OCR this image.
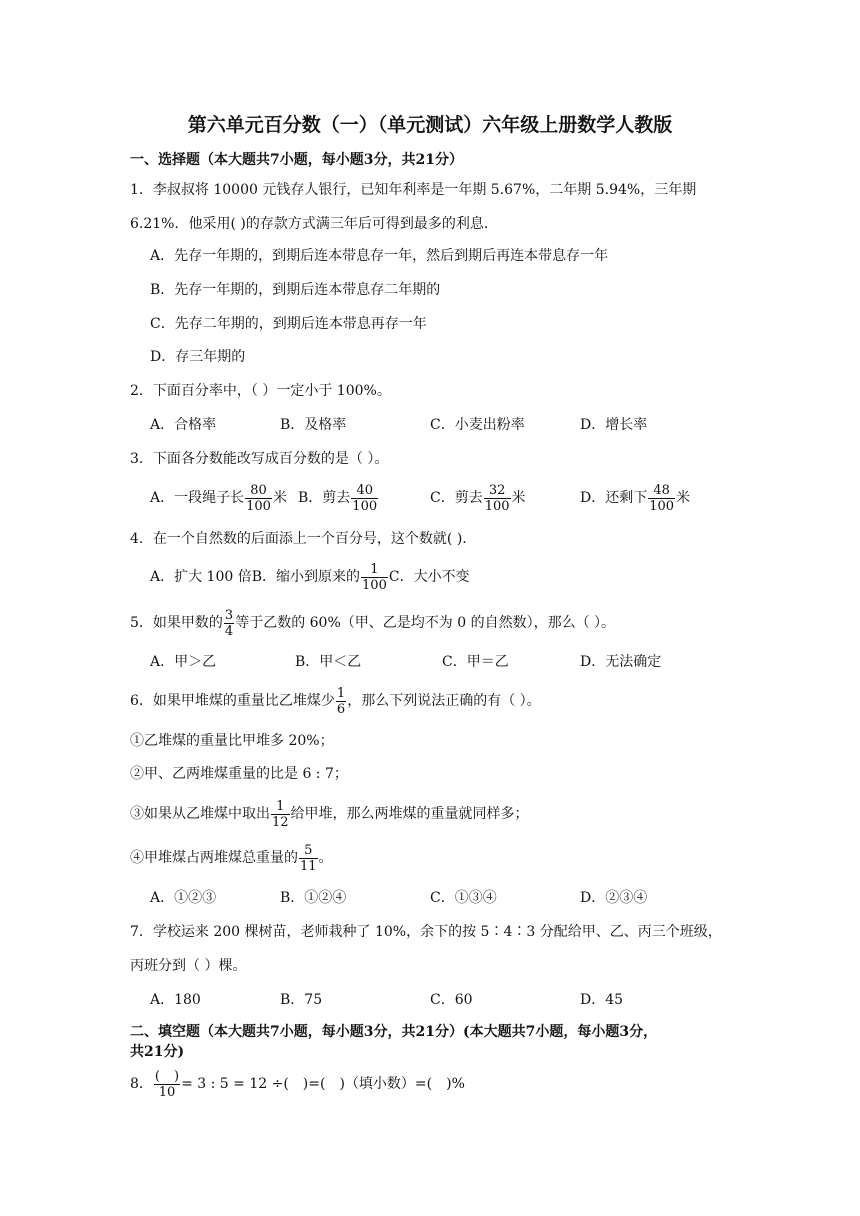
第六单元百分数（一）（单元测试）六年级上册数学人教版
一、选择题（本大题共7小题，每小题3分，共21分）
1．李叔叔将 10000 元钱存人银行，已知年利率是一年期 5.67%，二年期 5.94%，三年期
6.21%．他采用( )的存款方式满三年后可得到最多的利息．
A．先存一年期的，到期后连本带息存一年，然后到期后再连本带息存一年
B．先存一年期的，到期后连本带息存二年期的
C．先存二年期的，到期后连本带息再存一年
D．存三年期的
2．下面百分率中，（ ）一定小于 100%。
A．合格率	B．及格率	C．小麦出粉率	D．增长率
3．下面各分数能改写成百分数的是（ ）。
A．一段绳子长 $\frac{80}{100}$ 米 B．剪去 $\frac{40}{100}$	C．剪去 $\frac{32}{100}$ 米	D．还剩下 $\frac{48}{100}$ 米
4．在一个自然数的后面添上一个百分号，这个数就( ).
A．扩大 100 倍B．缩小到原来的 $\frac{1}{100}$ C．大小不变
5．如果甲数的 $\frac{3}{4}$ 等于乙数的 60%（甲、乙是均不为 0 的自然数），那么（ ）。
A．甲＞乙	B．甲＜乙	C．甲＝乙	D．无法确定
6．如果甲堆煤的重量比乙堆煤少 $\frac{1}{6}$ ，那么下列说法正确的有（ ）。
①乙堆煤的重量比甲堆多 20%；
②甲、乙两堆煤重量的比是 6 : 7；
③如果从乙堆煤中取出 $\frac{1}{12}$ 给甲堆，那么两堆煤的重量就同样多；
④甲堆煤占两堆煤总重量的 $\frac{5}{11}$ 。
A．①②③	B．①②④	C．①③④	D．②③④
7．学校运来 200 棵树苗，老师栽种了 10%，余下的按 5∶4∶3 分配给甲、乙、丙三个班级，
丙班分到（ ）棵。
A．180	B．75	C．60	D．45
二、填空题（本大题共7小题，每小题3分，共21分）(本大题共7小题，每小题3分，
共21分)
8． $\frac{( )}{10} = 3$ : 5 = 12 ÷( )=( )（填小数）=( )%
